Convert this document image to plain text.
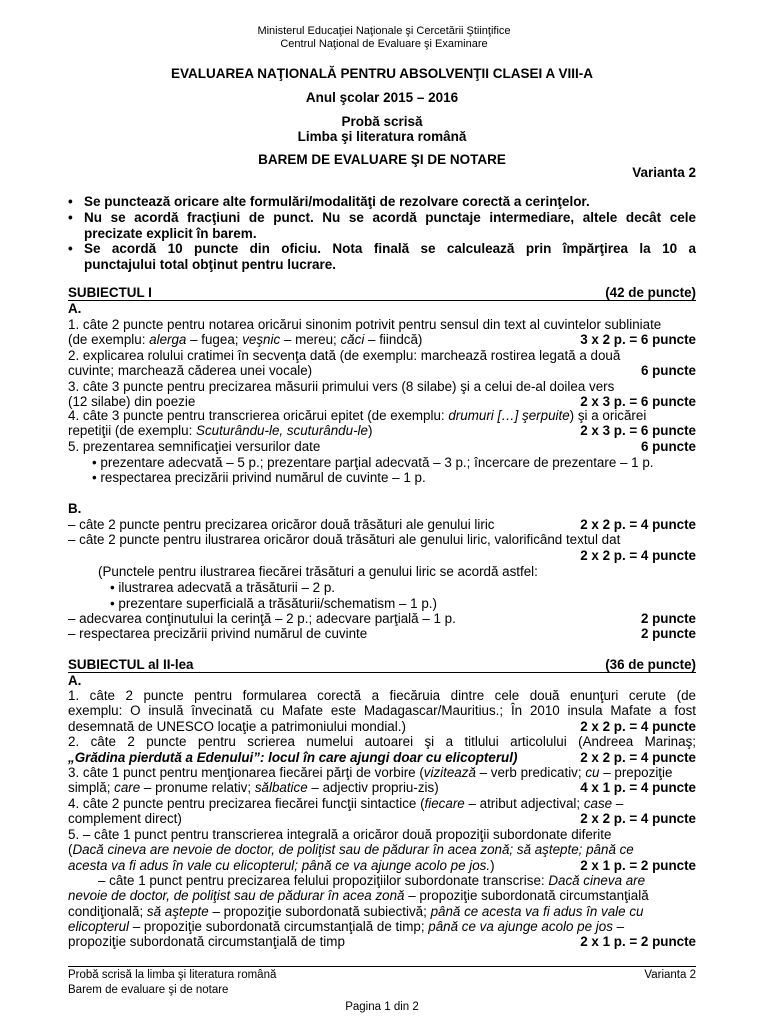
Ministerul Educaţiei Naţionale şi Cercetării Ştiinţifice
Centrul Naţional de Evaluare şi Examinare
EVALUAREA NAŢIONALĂ PENTRU ABSOLVENŢII CLASEI A VIII-A
Anul şcolar 2015 – 2016
Probă scrisă
Limba şi literatura română
BAREM DE EVALUARE ŞI DE NOTARE
Varianta 2
• Se punctează oricare alte formulări/modalităţi de rezolvare corectă a cerinţelor.
• Nu se acordă fracţiuni de punct. Nu se acordă punctaje intermediare, altele decât cele
precizate explicit în barem.
• Se acordă 10 puncte din oficiu. Nota finală se calculează prin împărţirea la 10 a
punctajului total obţinut pentru lucrare.
SUBIECTUL I	(42 de puncte)
A.
1. câte 2 puncte pentru notarea oricărui sinonim potrivit pentru sensul din text al cuvintelor subliniate
(de exemplu: alerga – fugea; veşnic – mereu; căci – fiindcă)	3 x 2 p. = 6 puncte
2. explicarea rolului cratimei în secvenţa dată (de exemplu: marchează rostirea legată a două
cuvinte; marchează căderea unei vocale)	6 puncte
3. câte 3 puncte pentru precizarea măsurii primului vers (8 silabe) şi a celui de-al doilea vers
(12 silabe) din poezie	2 x 3 p. = 6 puncte
4. câte 3 puncte pentru transcrierea oricărui epitet (de exemplu: drumuri […] şerpuite) şi a oricărei
repetiţii (de exemplu: Scuturându-le, scuturându-le)	2 x 3 p. = 6 puncte
5. prezentarea semnificaţiei versurilor date	6 puncte
• prezentare adecvată – 5 p.; prezentare parţial adecvată – 3 p.; încercare de prezentare – 1 p.
• respectarea precizării privind numărul de cuvinte – 1 p.
B.
– câte 2 puncte pentru precizarea oricăror două trăsături ale genului liric	2 x 2 p. = 4 puncte
– câte 2 puncte pentru ilustrarea oricăror două trăsături ale genului liric, valorificând textul dat
2 x 2 p. = 4 puncte
(Punctele pentru ilustrarea fiecărei trăsături a genului liric se acordă astfel:
• ilustrarea adecvată a trăsăturii – 2 p.
• prezentare superficială a trăsăturii/schematism – 1 p.)
– adecvarea conţinutului la cerinţă – 2 p.; adecvare parţială – 1 p.	2 puncte
– respectarea precizării privind numărul de cuvinte	2 puncte
SUBIECTUL al II-lea	(36 de puncte)
A.
1. câte 2 puncte pentru formularea corectă a fiecăruia dintre cele două enunţuri cerute (de
exemplu: O insulă învecinată cu Mafate este Madagascar/Mauritius.; În 2010 insula Mafate a fost
desemnată de UNESCO locaţie a patrimoniului mondial.)	2 x 2 p. = 4 puncte
2. câte 2 puncte pentru scrierea numelui autoarei şi a titlului articolului (Andreea Marinaş;
„Grădina pierdută a Edenului”: locul în care ajungi doar cu elicopterul)	2 x 2 p. = 4 puncte
3. câte 1 punct pentru menţionarea fiecărei părţi de vorbire (vizitează – verb predicativ; cu – prepoziţie
simplă; care – pronume relativ; sălbatice – adjectiv propriu-zis)	4 x 1 p. = 4 puncte
4. câte 2 puncte pentru precizarea fiecărei funcţii sintactice (fiecare – atribut adjectival; case –
complement direct)	2 x 2 p. = 4 puncte
5. – câte 1 punct pentru transcrierea integrală a oricăror două propoziţii subordonate diferite
(Dacă cineva are nevoie de doctor, de poliţist sau de pădurar în acea zonă; să aştepte; până ce
acesta va fi adus în vale cu elicopterul; până ce va ajunge acolo pe jos.)	2 x 1 p. = 2 puncte
– câte 1 punct pentru precizarea felului propoziţiilor subordonate transcrise: Dacă cineva are
nevoie de doctor, de poliţist sau de pădurar în acea zonă – propoziţie subordonată circumstanţială
condiţională; să aştepte – propoziţie subordonată subiectivă; până ce acesta va fi adus în vale cu
elicopterul – propoziţie subordonată circumstanţială de timp; până ce va ajunge acolo pe jos –
propoziţie subordonată circumstanţială de timp	2 x 1 p. = 2 puncte
Probă scrisă la limba şi literatura română	Varianta 2
Barem de evaluare şi de notare
Pagina 1 din 2
